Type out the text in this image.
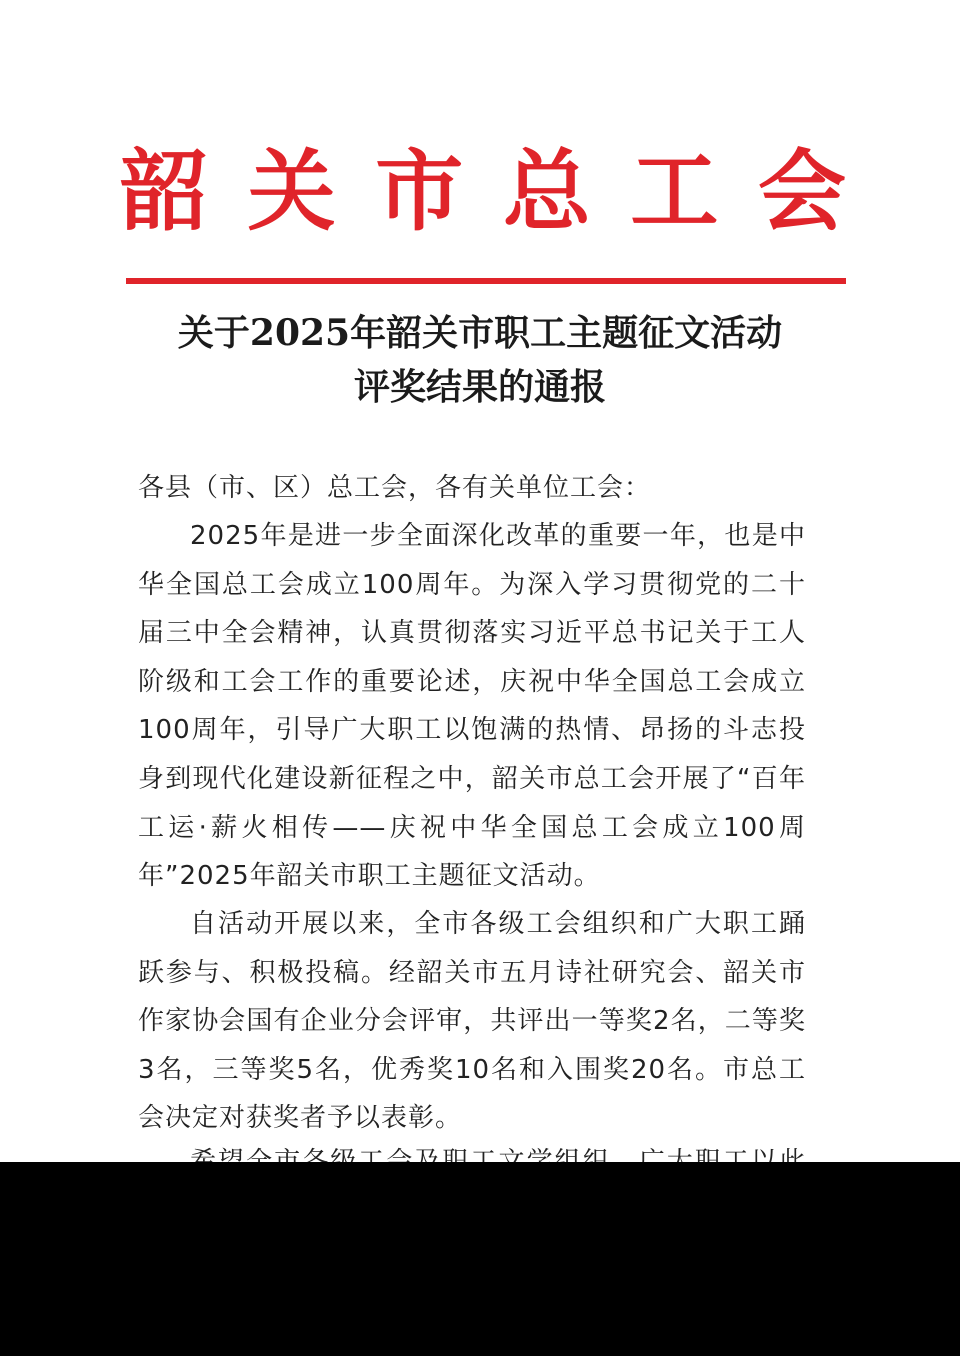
韶关市总工会
关于2025年韶关市职工主题征文活动
评奖结果的通报
各县（市、区）总工会，各有关单位工会：

2025年是进一步全面深化改革的重要一年，也是中华全国总工会成立100周年。为深入学习贯彻党的二十届三中全会精神，认真贯彻落实习近平总书记关于工人阶级和工会工作的重要论述，庆祝中华全国总工会成立100周年，引导广大职工以饱满的热情、昂扬的斗志投身到现代化建设新征程之中，韶关市总工会开展了“百年工运·薪火相传——庆祝中华全国总工会成立100周年”2025年韶关市职工主题征文活动。

自活动开展以来，全市各级工会组织和广大职工踊跃参与、积极投稿。经韶关市五月诗社研究会、韶关市作家协会国有企业分会评审，共评出一等奖2名，二等奖3名，三等奖5名，优秀奖10名和入围奖20名。市总工会决定对获奖者予以表彰。
